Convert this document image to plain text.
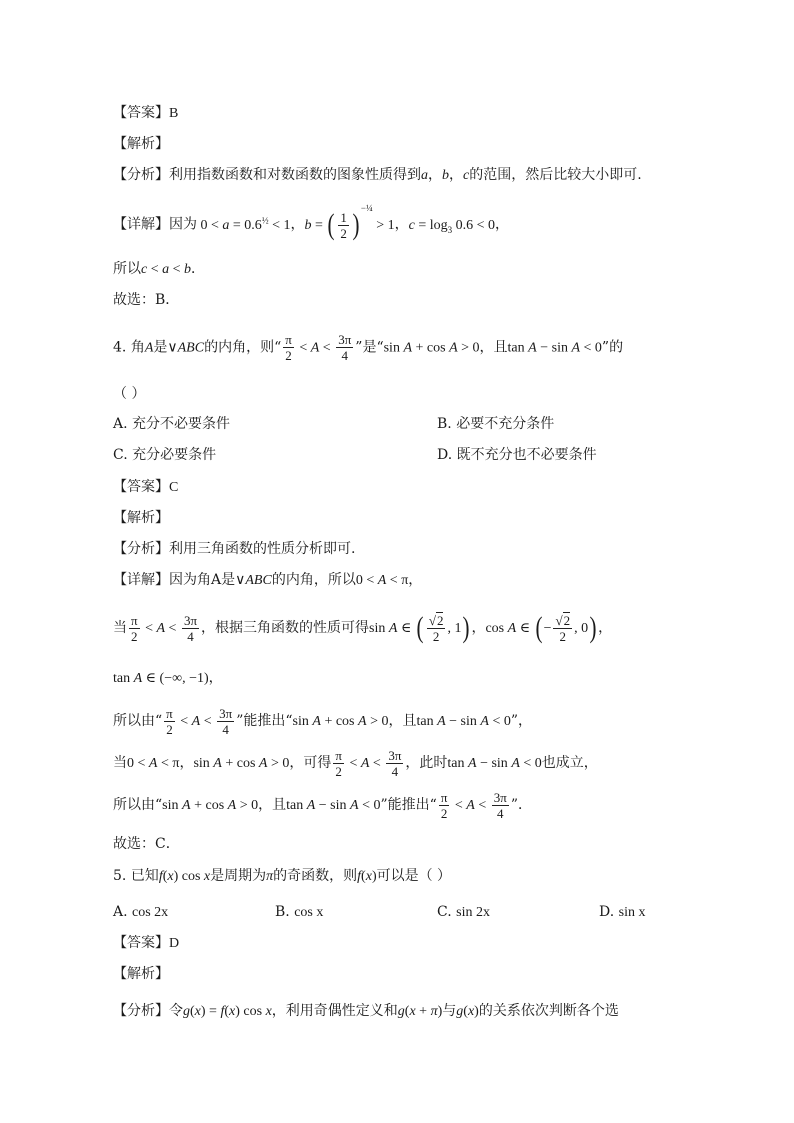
【答案】B
【解析】
【分析】利用指数函数和对数函数的图象性质得到a，b，c的范围，然后比较大小即可.
【详解】因为 $0 < a = 0.6^{\frac{1}{2}} < 1$，b = ( $\frac{1}{2} )^{-\frac{1}{4}} > 1$，$c = \log_3 0.6 < 0$，
所以c < a < b．
故选：B．
4. 角A是∨ABC的内角，则“ $\frac{\pi}{2} < A < \frac{3\pi}{4}$ ”是“sin A + cos A > 0，且tan A − sin A < 0”的
（ ）
A. 充分不必要条件	B. 必要不充分条件
C. 充分必要条件	D. 既不充分也不必要条件
【答案】C
【解析】
【分析】利用三角函数的性质分析即可.
【详解】因为角A是∨ABC的内角，所以0 < A < π，
当 $\frac{\pi}{2} < A < \frac{3\pi}{4}$ ，根据三角函数的性质可得sin A ∈ ( $\frac{√2}{2}$ , 1) ，cos A ∈ ( − $\frac{√2}{2}$ , 0) ，
tan A ∈ (−∞, −1)，
所以由“ $\frac{\pi}{2} < A < \frac{3\pi}{4}$ ”能推出“sin A + cos A > 0，且tan A − sin A < 0”，
当0 < A < π，sin A + cos A > 0，可得 $\frac{\pi}{2} < A < \frac{3\pi}{4}$ ，此时tan A − sin A < 0也成立，
所以由“sin A + cos A > 0，且tan A − sin A < 0”能推出“ $\frac{\pi}{2} < A < \frac{3\pi}{4}$ ”．
故选：C．
5. 已知f(x) cos x是周期为π的奇函数，则f(x)可以是（ ）
A. cos 2x	B. cos x	C. sin 2x	D. sin x
【答案】D
【解析】
【分析】令g(x) = f(x) cos x，利用奇偶性定义和g(x + π)与g(x)的关系依次判断各个选
